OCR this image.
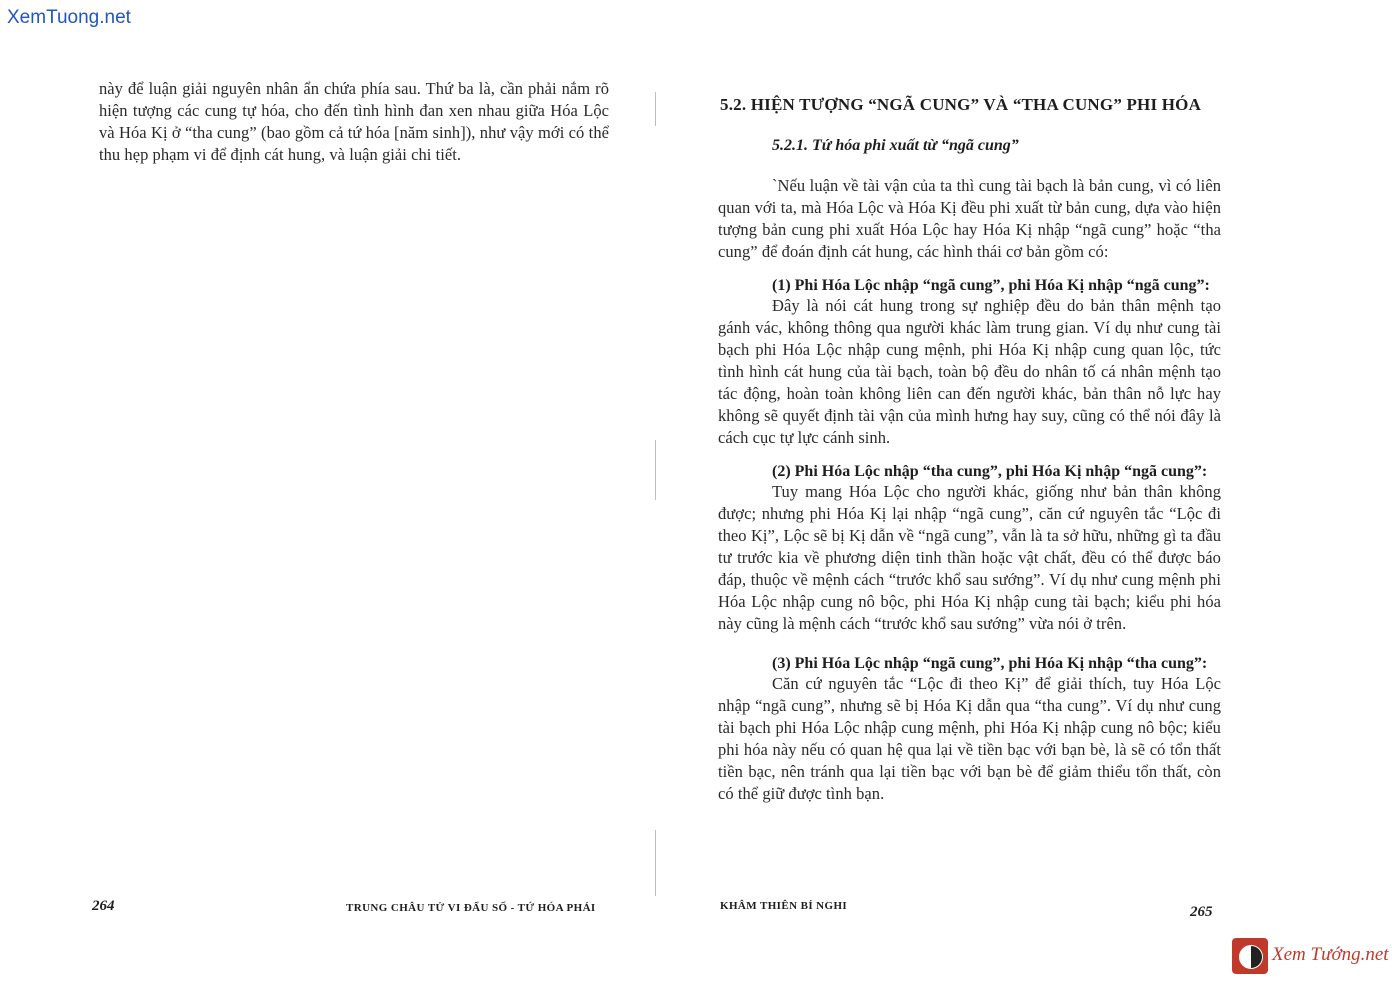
XemTuong.net

này để luận giải nguyên nhân ẩn chứa phía sau. Thứ ba là, cần phải nắm rõ hiện tượng các cung tự hóa, cho đến tình hình đan xen nhau giữa Hóa Lộc và Hóa Kị ở “tha cung” (bao gồm cả tứ hóa [năm sinh]), như vậy mới có thể thu hẹp phạm vi để định cát hung, và luận giải chi tiết.

5.2. HIỆN TƯỢNG “NGÃ CUNG” VÀ “THA CUNG” PHI HÓA
5.2.1. Tứ hóa phi xuất từ “ngã cung”

`Nếu luận về tài vận của ta thì cung tài bạch là bản cung, vì có liên quan với ta, mà Hóa Lộc và Hóa Kị đều phi xuất từ bản cung, dựa vào hiện tượng bản cung phi xuất Hóa Lộc hay Hóa Kị nhập “ngã cung” hoặc “tha cung” để đoán định cát hung, các hình thái cơ bản gồm có:

(1) Phi Hóa Lộc nhập “ngã cung”, phi Hóa Kị nhập “ngã cung”:

Đây là nói cát hung trong sự nghiệp đều do bản thân mệnh tạo gánh vác, không thông qua người khác làm trung gian. Ví dụ như cung tài bạch phi Hóa Lộc nhập cung mệnh, phi Hóa Kị nhập cung quan lộc, tức tình hình cát hung của tài bạch, toàn bộ đều do nhân tố cá nhân mệnh tạo tác động, hoàn toàn không liên can đến người khác, bản thân nỗ lực hay không sẽ quyết định tài vận của mình hưng hay suy, cũng có thể nói đây là cách cục tự lực cánh sinh.

(2) Phi Hóa Lộc nhập “tha cung”, phi Hóa Kị nhập “ngã cung”:

Tuy mang Hóa Lộc cho người khác, giống như bản thân không được; nhưng phi Hóa Kị lại nhập “ngã cung”, căn cứ nguyên tắc “Lộc đi theo Kị”, Lộc sẽ bị Kị dẫn về “ngã cung”, vẫn là ta sở hữu, những gì ta đầu tư trước kia về phương diện tinh thần hoặc vật chất, đều có thể được báo đáp, thuộc về mệnh cách “trước khổ sau sướng”. Ví dụ như cung mệnh phi Hóa Lộc nhập cung nô bộc, phi Hóa Kị nhập cung tài bạch; kiểu phi hóa này cũng là mệnh cách “trước khổ sau sướng” vừa nói ở trên.

(3) Phi Hóa Lộc nhập “ngã cung”, phi Hóa Kị nhập “tha cung”:

Căn cứ nguyên tắc “Lộc đi theo Kị” để giải thích, tuy Hóa Lộc nhập “ngã cung”, nhưng sẽ bị Hóa Kị dẫn qua “tha cung”. Ví dụ như cung tài bạch phi Hóa Lộc nhập cung mệnh, phi Hóa Kị nhập cung nô bộc; kiểu phi hóa này nếu có quan hệ qua lại về tiền bạc với bạn bè, là sẽ có tổn thất tiền bạc, nên tránh qua lại tiền bạc với bạn bè để giảm thiểu tổn thất, còn có thể giữ được tình bạn.

264	TRUNG CHÂU TỬ VI ĐẨU SỐ - TỨ HÓA PHÁI	KHÂM THIÊN BÍ NGHI	265
Xem Tướng.net
